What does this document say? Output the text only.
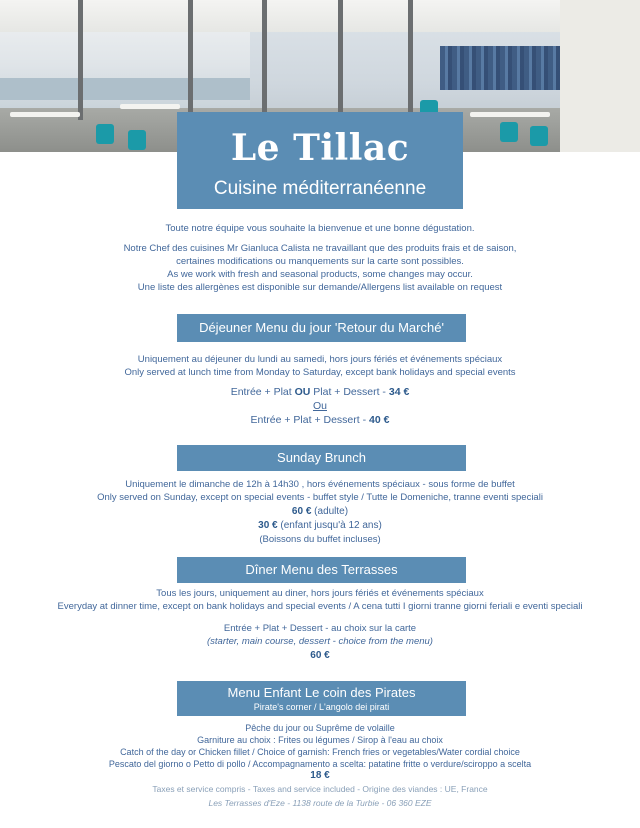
Le Tillac
Cuisine méditerranéenne
Toute notre équipe vous souhaite la bienvenue et une bonne dégustation.
Notre Chef des cuisines Mr Gianluca Calista ne travaillant que des produits frais et de saison,
certaines modifications ou manquements sur la carte sont possibles.
As we work with fresh and seasonal products, some changes may occur.
Une liste des allergènes est disponible sur demande/Allergens list available on request
Déjeuner Menu du jour 'Retour du Marché'
Uniquement au déjeuner du lundi au samedi, hors jours fériés et événements spéciaux
Only served at lunch time from Monday to Saturday, except bank holidays and special events
Entrée + Plat OU Plat + Dessert - 34 €
Ou
Entrée + Plat + Dessert - 40 €
Sunday Brunch
Uniquement le dimanche de 12h à 14h30 , hors événements spéciaux - sous forme de buffet
Only served on Sunday, except on special events - buffet style / Tutte le Domeniche, tranne eventi speciali
60 € (adulte)
30 € (enfant jusqu'à 12 ans)
(Boissons du buffet incluses)
Dîner Menu des Terrasses
Tous les jours, uniquement au diner, hors jours fériés et événements spéciaux
Everyday at dinner time, except on bank holidays and special events / A cena tutti I giorni tranne giorni feriali e eventi speciali
Entrée + Plat + Dessert - au choix sur la carte
(starter, main course, dessert - choice from the menu)
60 €
Menu Enfant Le coin des Pirates
Pirate's corner / L'angolo dei pirati
Pêche du jour ou Suprême de volaille
Garniture au choix : Frites ou légumes / Sirop à l'eau au choix
Catch of the day or Chicken fillet / Choice of garnish: French fries or vegetables/Water cordial choice
Pescato del giorno o Petto di pollo / Accompagnamento a scelta: patatine fritte o verdure/sciroppo a scelta
18 €
Taxes et service compris - Taxes and service included - Origine des viandes : UE, France
Les Terrasses d'Eze - 1138 route de la Turbie - 06 360 EZE
